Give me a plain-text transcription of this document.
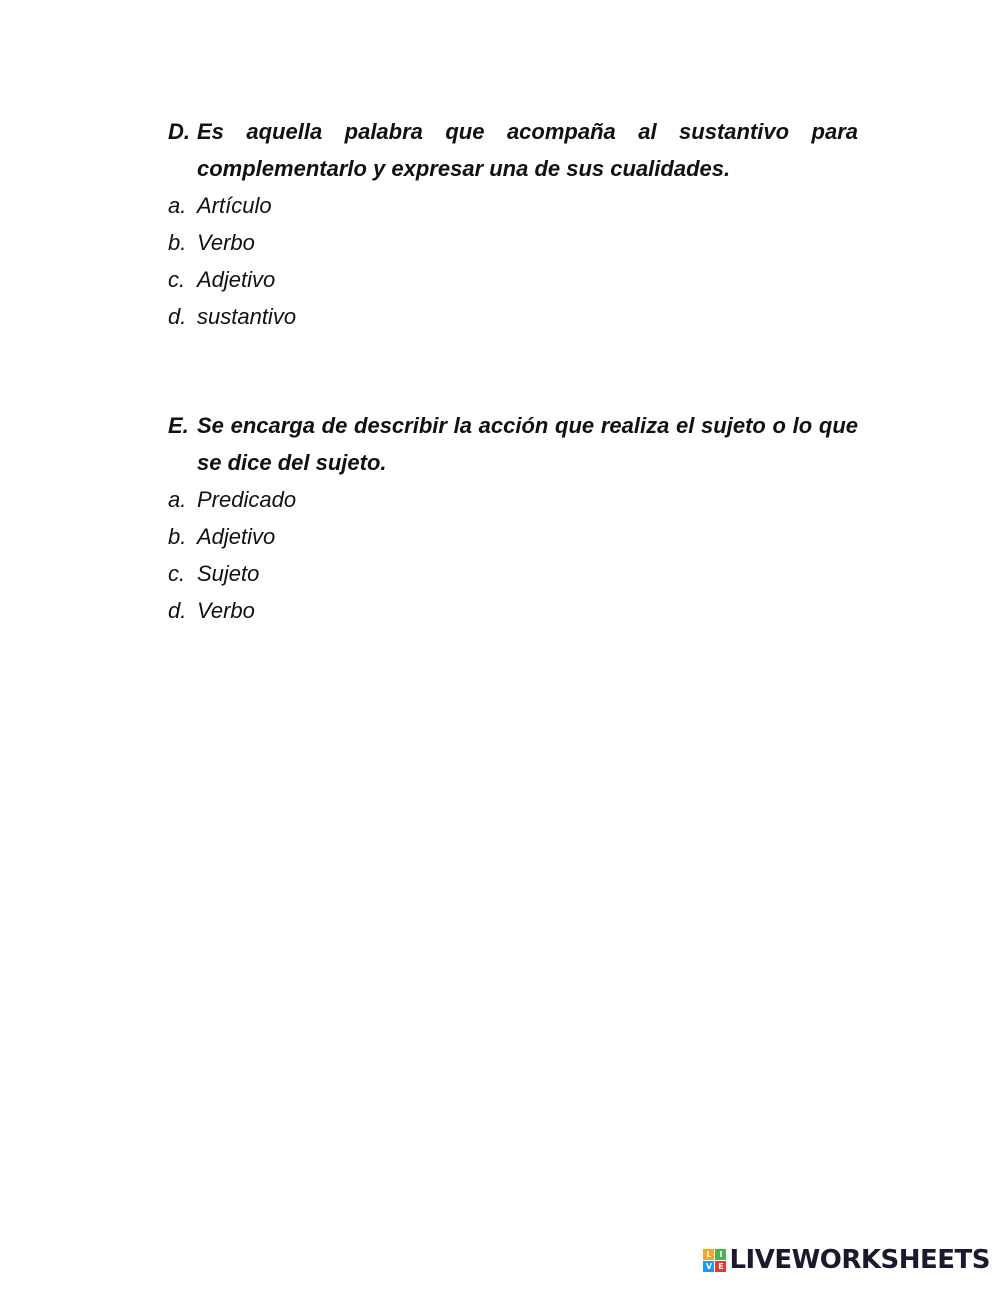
D. Es aquella palabra que acompaña al sustantivo para complementarlo y expresar una de sus cualidades.
a. Artículo
b. Verbo
c. Adjetivo
d. sustantivo
E. Se encarga de describir la acción que realiza el sujeto o lo que se dice del sujeto.
a. Predicado
b. Adjetivo
c. Sujeto
d. Verbo
L I
V E LIVEWORKSHEETS
